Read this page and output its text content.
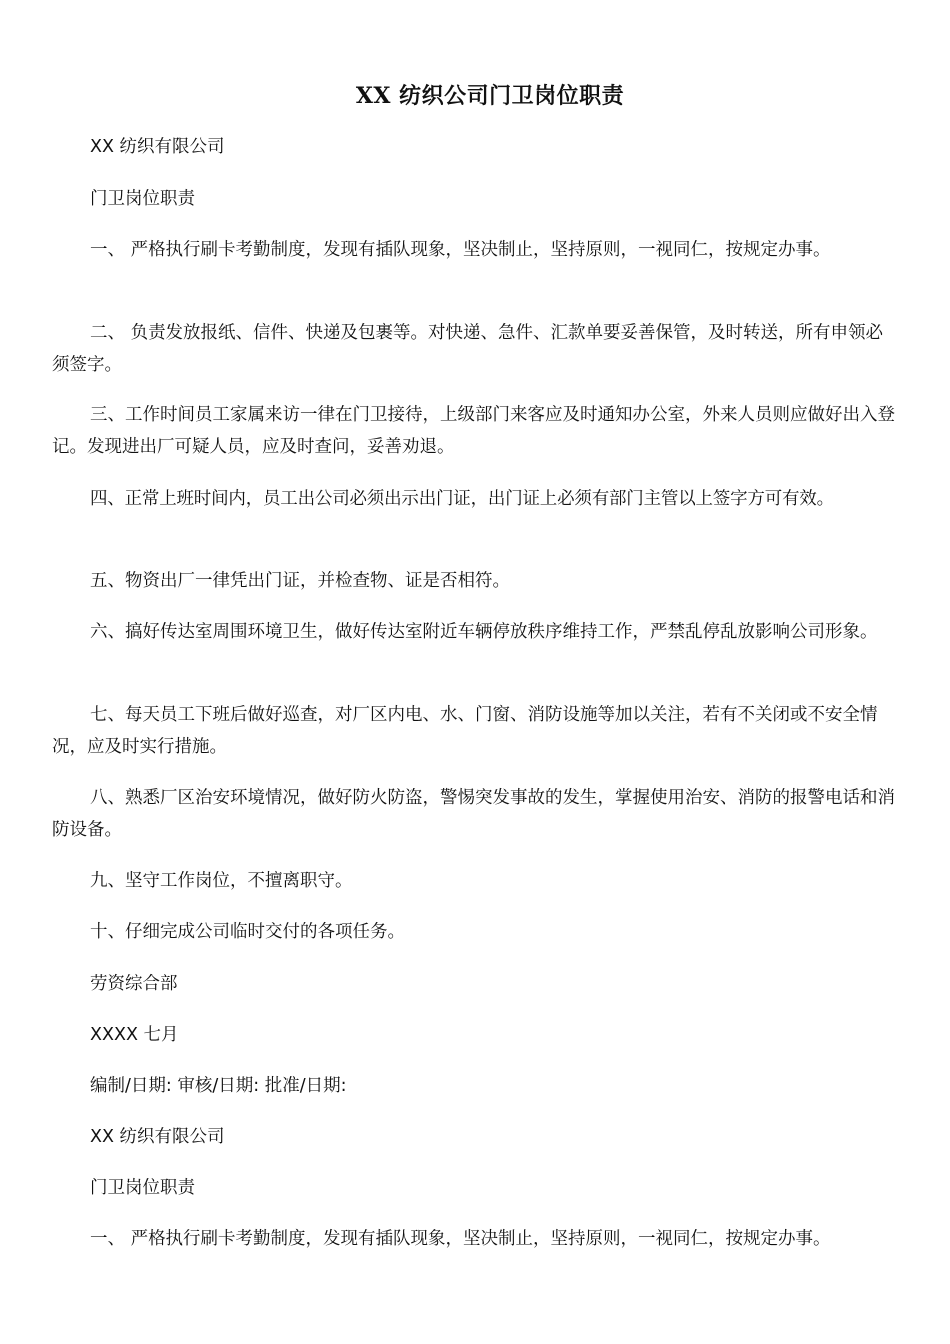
XX 纺织公司门卫岗位职责

XX 纺织有限公司

门卫岗位职责

一、 严格执行刷卡考勤制度，发现有插队现象，坚决制止，坚持原则，一视同仁，按规定办事。

二、 负责发放报纸、信件、快递及包裹等。对快递、急件、汇款单要妥善保管，及时转送，所有申领必须签字。

三、工作时间员工家属来访一律在门卫接待，上级部门来客应及时通知办公室，外来人员则应做好出入登记。发现进出厂可疑人员，应及时查问，妥善劝退。

四、正常上班时间内，员工出公司必须出示出门证，出门证上必须有部门主管以上签字方可有效。

五、物资出厂一律凭出门证，并检查物、证是否相符。

六、搞好传达室周围环境卫生，做好传达室附近车辆停放秩序维持工作，严禁乱停乱放影响公司形象。

七、每天员工下班后做好巡查，对厂区内电、水、门窗、消防设施等加以关注，若有不关闭或不安全情况，应及时实行措施。

八、熟悉厂区治安环境情况，做好防火防盗，警惕突发事故的发生，掌握使用治安、消防的报警电话和消防设备。

九、坚守工作岗位，不擅离职守。

十、仔细完成公司临时交付的各项任务。

劳资综合部

XXXX 七月

编制/日期: 审核/日期: 批准/日期:

XX 纺织有限公司

门卫岗位职责

一、 严格执行刷卡考勤制度，发现有插队现象，坚决制止，坚持原则，一视同仁，按规定办事。
